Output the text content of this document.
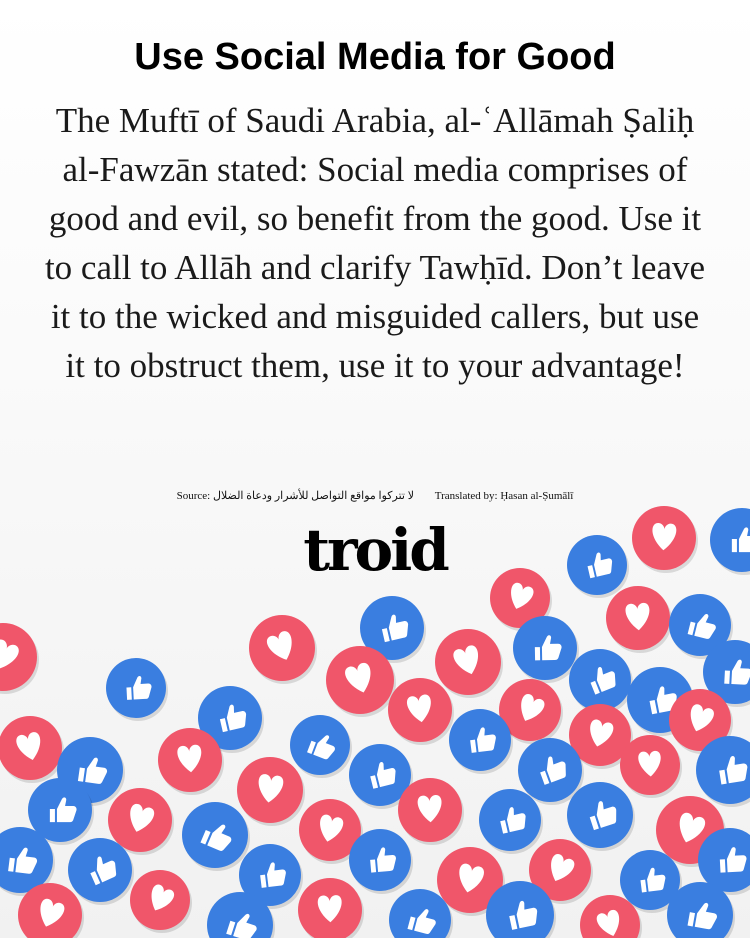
Use Social Media for Good
The Muftī of Saudi Arabia, al-ʿAllāmah Ṣaliḥ al-Fawzān stated: Social media comprises of good and evil, so benefit from the good. Use it to call to Allāh and clarify Tawḥīd. Don’t leave it to the wicked and misguided callers, but use it to obstruct them, use it to your advantage!
Source: لا تتركوا مواقع التواصل للأشرار ودعاة الضلال Translated by: Ḥasan al-Ṣumālī
troid
